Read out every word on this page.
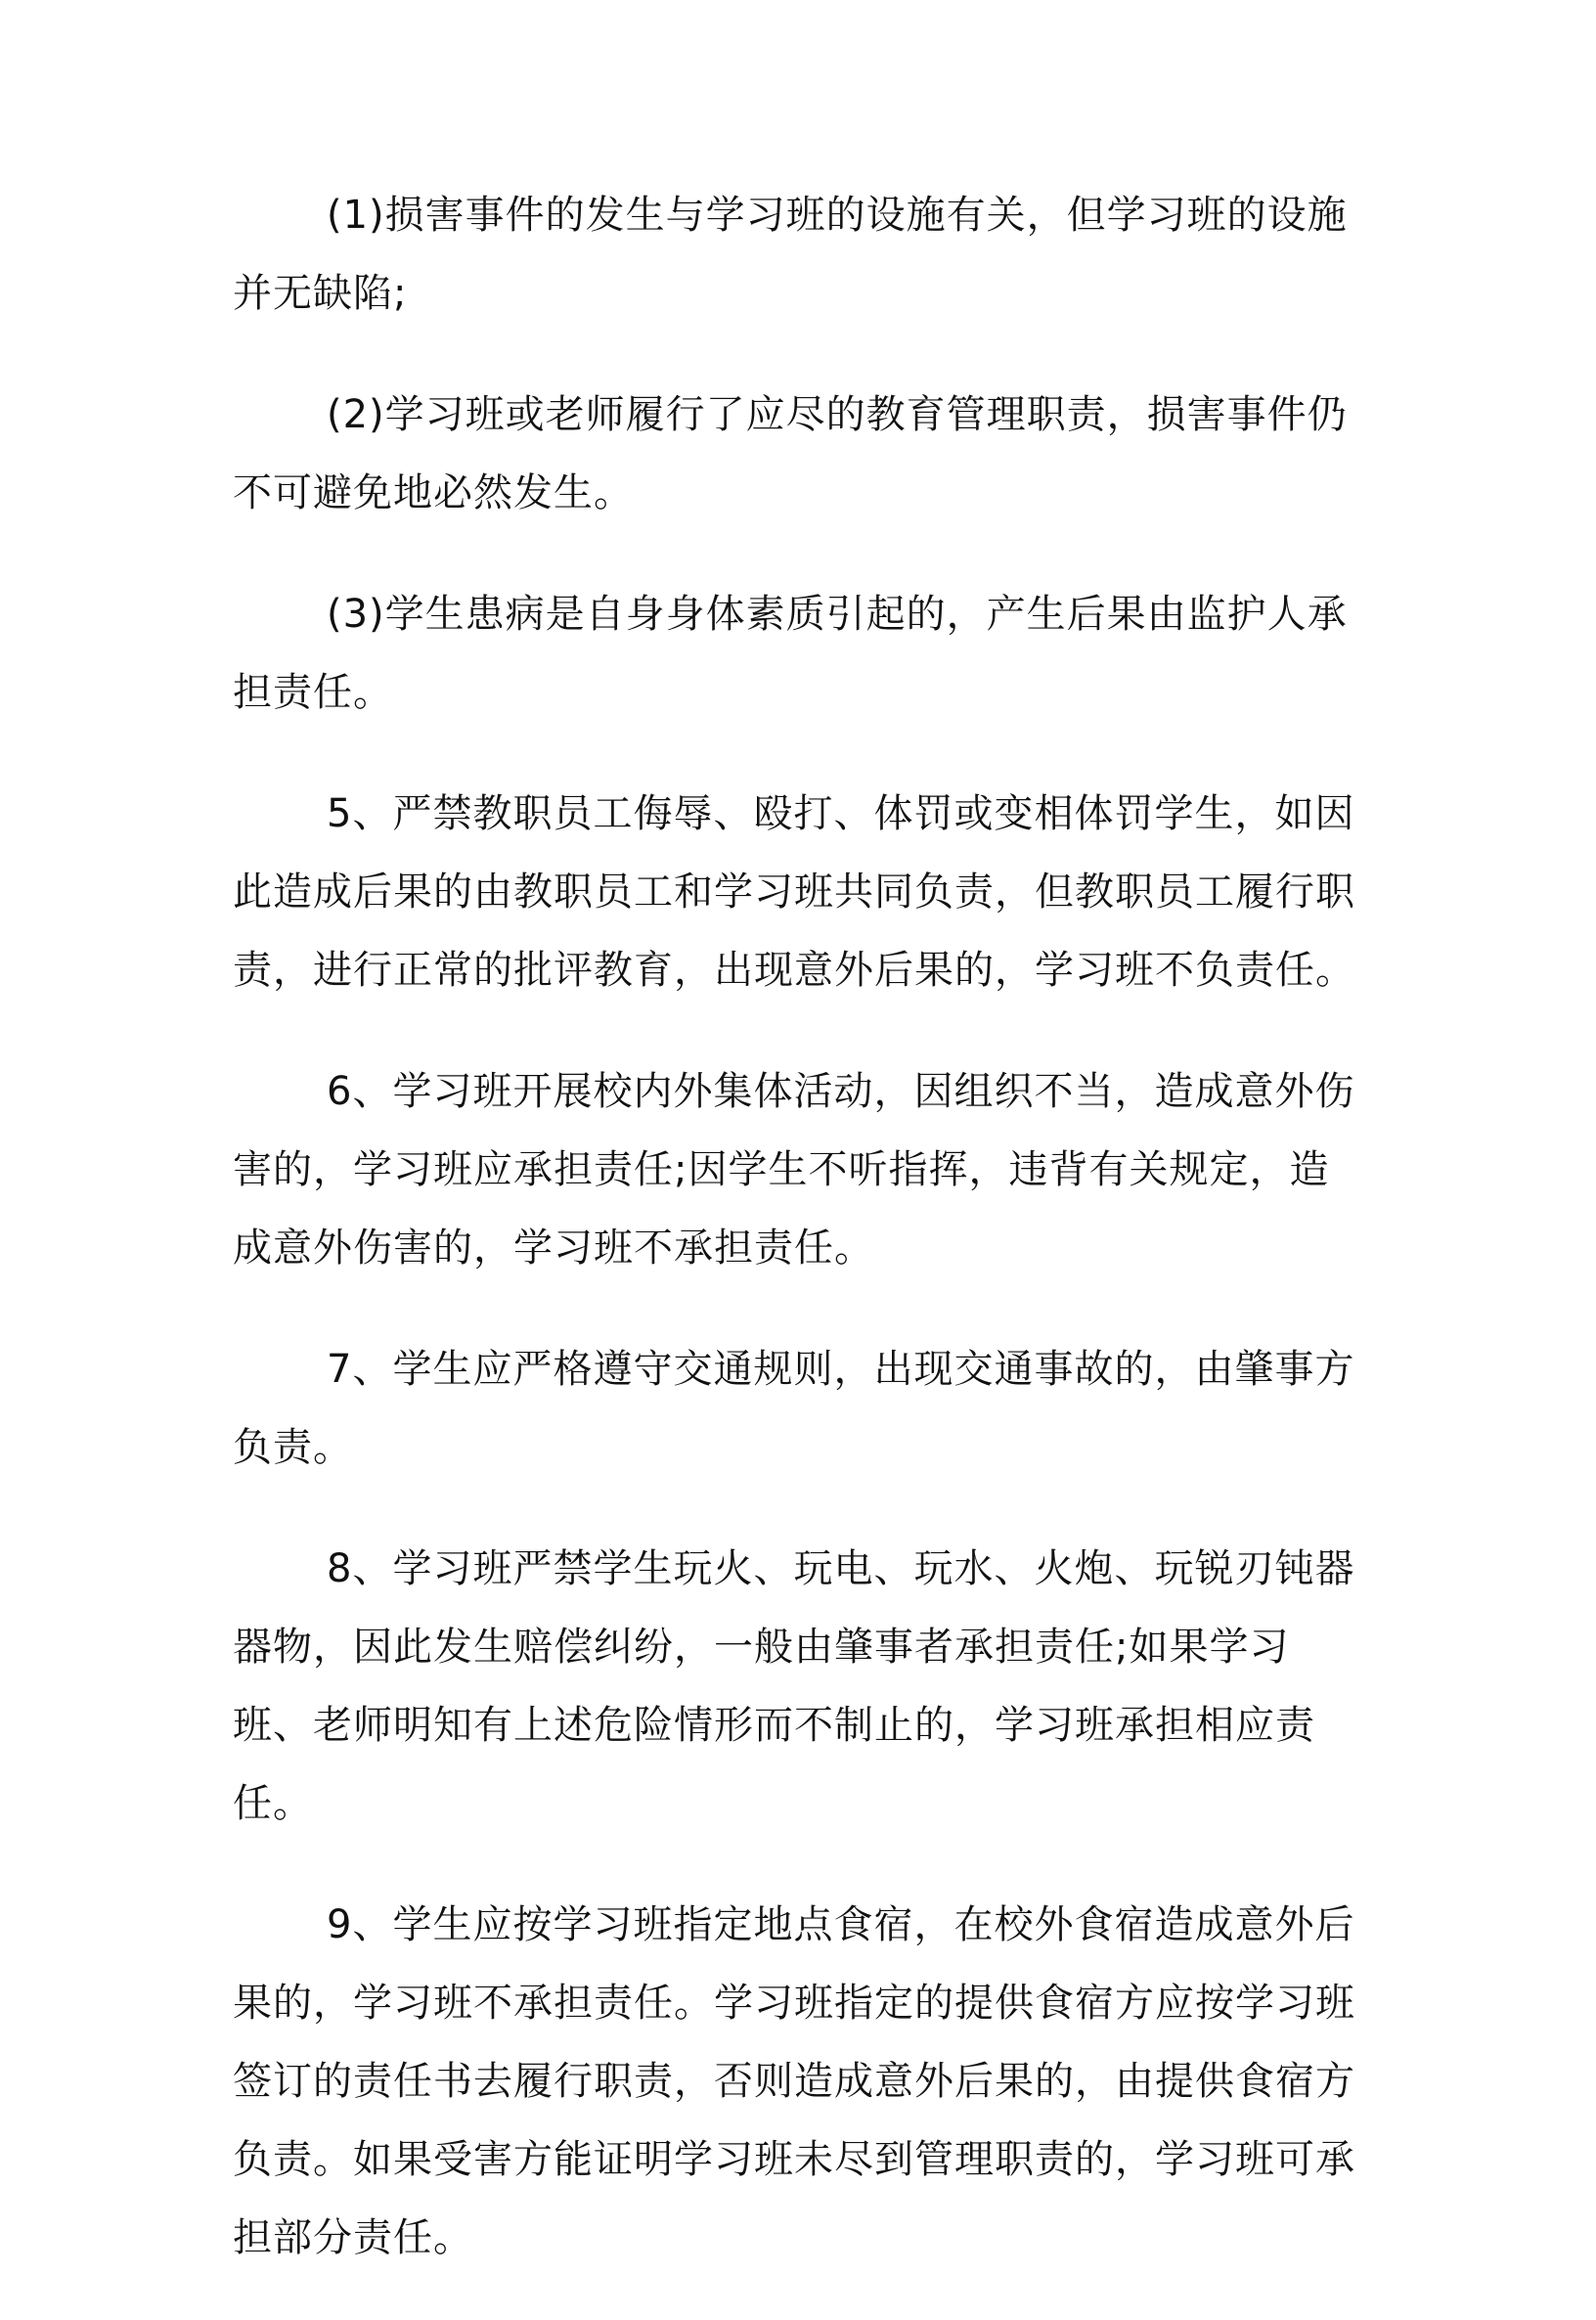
(1)损害事件的发生与学习班的设施有关，但学习班的设施并无缺陷;

(2)学习班或老师履行了应尽的教育管理职责，损害事件仍不可避免地必然发生。

(3)学生患病是自身身体素质引起的，产生后果由监护人承担责任。

5、严禁教职员工侮辱、殴打、体罚或变相体罚学生，如因此造成后果的由教职员工和学习班共同负责，但教职员工履行职责，进行正常的批评教育，出现意外后果的，学习班不负责任。

6、学习班开展校内外集体活动，因组织不当，造成意外伤害的，学习班应承担责任;因学生不听指挥，违背有关规定，造成意外伤害的，学习班不承担责任。

7、学生应严格遵守交通规则，出现交通事故的，由肇事方负责。

8、学习班严禁学生玩火、玩电、玩水、火炮、玩锐刃钝器器物，因此发生赔偿纠纷，一般由肇事者承担责任;如果学习班、老师明知有上述危险情形而不制止的，学习班承担相应责任。

9、学生应按学习班指定地点食宿，在校外食宿造成意外后果的，学习班不承担责任。学习班指定的提供食宿方应按学习班签订的责任书去履行职责，否则造成意外后果的，由提供食宿方负责。如果受害方能证明学习班未尽到管理职责的，学习班可承担部分责任。
